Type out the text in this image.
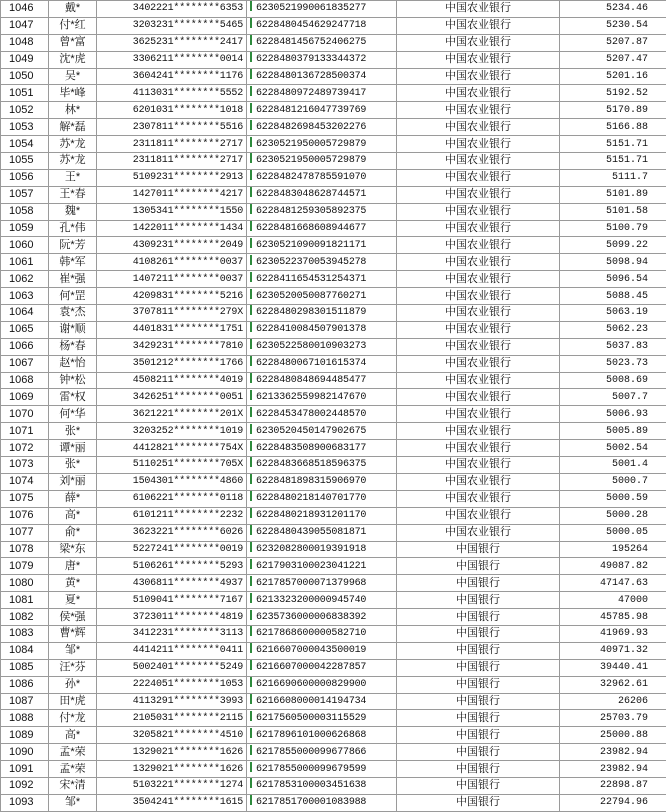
1046	戴*	3402221********6353	6230521990061835277	中国农业银行	5234.46
1047	付*红	3203231********5465	6228480454629247718	中国农业银行	5230.54
1048	曾*富	3625231********2417	6228481456752406275	中国农业银行	5207.87
1049	沈*虎	3306211********0014	6228480379133344372	中国农业银行	5207.47
1050	吴*	3604241********1176	6228480136728500374	中国农业银行	5201.16
1051	毕*峰	4113031********5552	6228480972489739417	中国农业银行	5192.52
1052	林*	6201031********1018	6228481216047739769	中国农业银行	5170.89
1053	解*磊	2307811********5516	6228482698453202276	中国农业银行	5166.88
1054	苏*龙	2311811********2717	6230521950005729879	中国农业银行	5151.71
1055	苏*龙	2311811********2717	6230521950005729879	中国农业银行	5151.71
1056	王*	5109231********2913	6228482478785591070	中国农业银行	5111.7
1057	王*春	1427011********4217	6228483048628744571	中国农业银行	5101.89
1058	魏*	1305341********1550	6228481259305892375	中国农业银行	5101.58
1059	孔*伟	1422011********1434	6228481668608944677	中国农业银行	5100.79
1060	阮*芳	4309231********2049	6230521090091821171	中国农业银行	5099.22
1061	韩*军	4108261********0037	6230522370053945278	中国农业银行	5098.94
1062	崔*强	1407211********0037	6228411654531254371	中国农业银行	5096.54
1063	何*罡	4209831********5216	6230520050087760271	中国农业银行	5088.45
1064	袁*杰	3707811********279X	6228480298301511879	中国农业银行	5063.19
1065	谢*顺	4401831********1751	6228410084507901378	中国农业银行	5062.23
1066	杨*春	3429231********7810	6230522580010903273	中国农业银行	5037.83
1067	赵*怡	3501212********1766	6228480067101615374	中国农业银行	5023.73
1068	钟*松	4508211********4019	6228480848694485477	中国农业银行	5008.69
1069	雷*权	3426251********0051	6213362559982147670	中国农业银行	5007.7
1070	何*华	3621221********201X	6228453478002448570	中国农业银行	5006.93
1071	张*	3203252********1019	6230520450147902675	中国农业银行	5005.89
1072	谭*丽	4412821********754X	6228483508900683177	中国农业银行	5002.54
1073	张*	5110251********705X	6228483668518596375	中国农业银行	5001.4
1074	刘*丽	1504301********4860	6228481898315906970	中国农业银行	5000.7
1075	薛*	6106221********0118	6228480218140701770	中国农业银行	5000.59
1076	高*	6101211********2232	6228480218931201170	中国农业银行	5000.28
1077	俞*	3623221********6026	6228480439055081871	中国农业银行	5000.05
1078	梁*东	5227241********0019	6232082800019391918	中国银行	195264
1079	唐*	5106261********5293	6217903100023041221	中国银行	49087.82
1080	黄*	4306811********4937	6217857000071379968	中国银行	47147.63
1081	夏*	5109041********7167	6213323200000945740	中国银行	47000
1082	侯*强	3723011********4819	6235736000006838392	中国银行	45785.98
1083	曹*辉	3412231********3113	6217868600000582710	中国银行	41969.93
1084	邹*	4414211********0411	6216607000043500019	中国银行	40971.32
1085	汪*芬	5002401********5249	6216607000042287857	中国银行	39440.41
1086	孙*	2224051********1053	6216690600000829900	中国银行	32962.61
1087	田*虎	4113291********3993	6216608000014194734	中国银行	26206
1088	付*龙	2105031********2115	6217560500003115529	中国银行	25703.79
1089	高*	3205821********4510	6217896101000626868	中国银行	25000.88
1090	孟*荣	1329021********1626	6217855000099677866	中国银行	23982.94
1091	孟*荣	1329021********1626	6217855000099679599	中国银行	23982.94
1092	宋*清	5103221********1274	6217853100003451638	中国银行	22898.87
1093	邹*	3504241********1615	6217851700001083988	中国银行	22794.96
